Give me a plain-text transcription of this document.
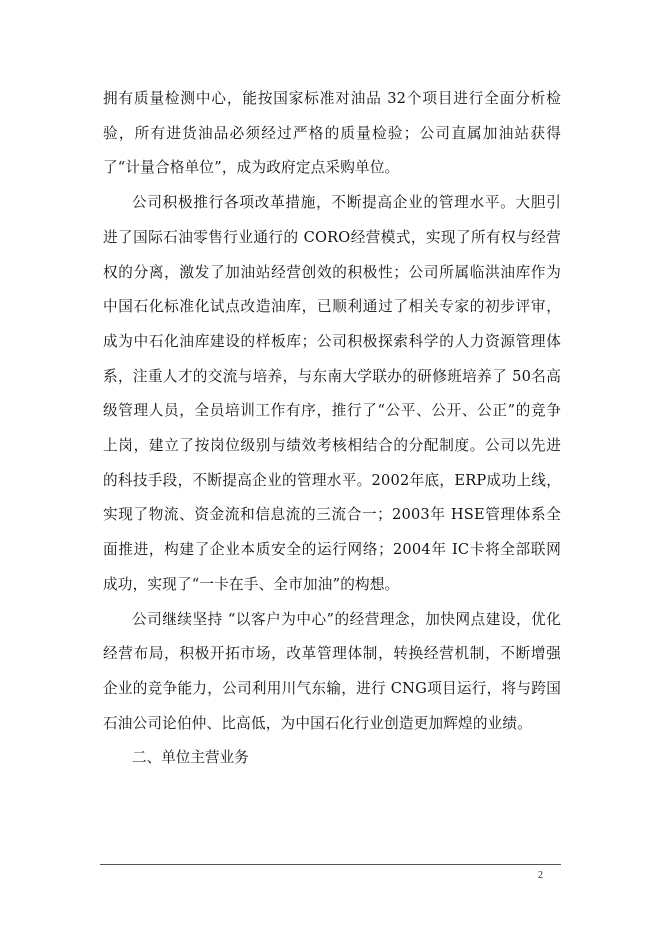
拥有质量检测中心，能按国家标准对油品 32个项目进行全面分析检验，所有进货油品必须经过严格的质量检验；公司直属加油站获得了“计量合格单位”，成为政府定点采购单位。

公司积极推行各项改革措施，不断提高企业的管理水平。大胆引进了国际石油零售行业通行的 CORO经营模式，实现了所有权与经营权的分离，激发了加油站经营创效的积极性；公司所属临洪油库作为中国石化标准化试点改造油库，已顺利通过了相关专家的初步评审，成为中石化油库建设的样板库；公司积极探索科学的人力资源管理体系，注重人才的交流与培养，与东南大学联办的研修班培养了 50名高级管理人员，全员培训工作有序，推行了“公平、公开、公正”的竞争上岗，建立了按岗位级别与绩效考核相结合的分配制度。公司以先进的科技手段，不断提高企业的管理水平。2002年底，ERP成功上线，实现了物流、资金流和信息流的三流合一；2003年 HSE管理体系全面推进，构建了企业本质安全的运行网络；2004年 IC卡将全部联网成功，实现了“一卡在手、全市加油”的构想。

公司继续坚持 “以客户为中心”的经营理念，加快网点建设，优化经营布局，积极开拓市场，改革管理体制，转换经营机制，不断增强企业的竞争能力，公司利用川气东输，进行 CNG项目运行，将与跨国石油公司论伯仲、比高低，为中国石化行业创造更加辉煌的业绩。

二、单位主营业务

2
